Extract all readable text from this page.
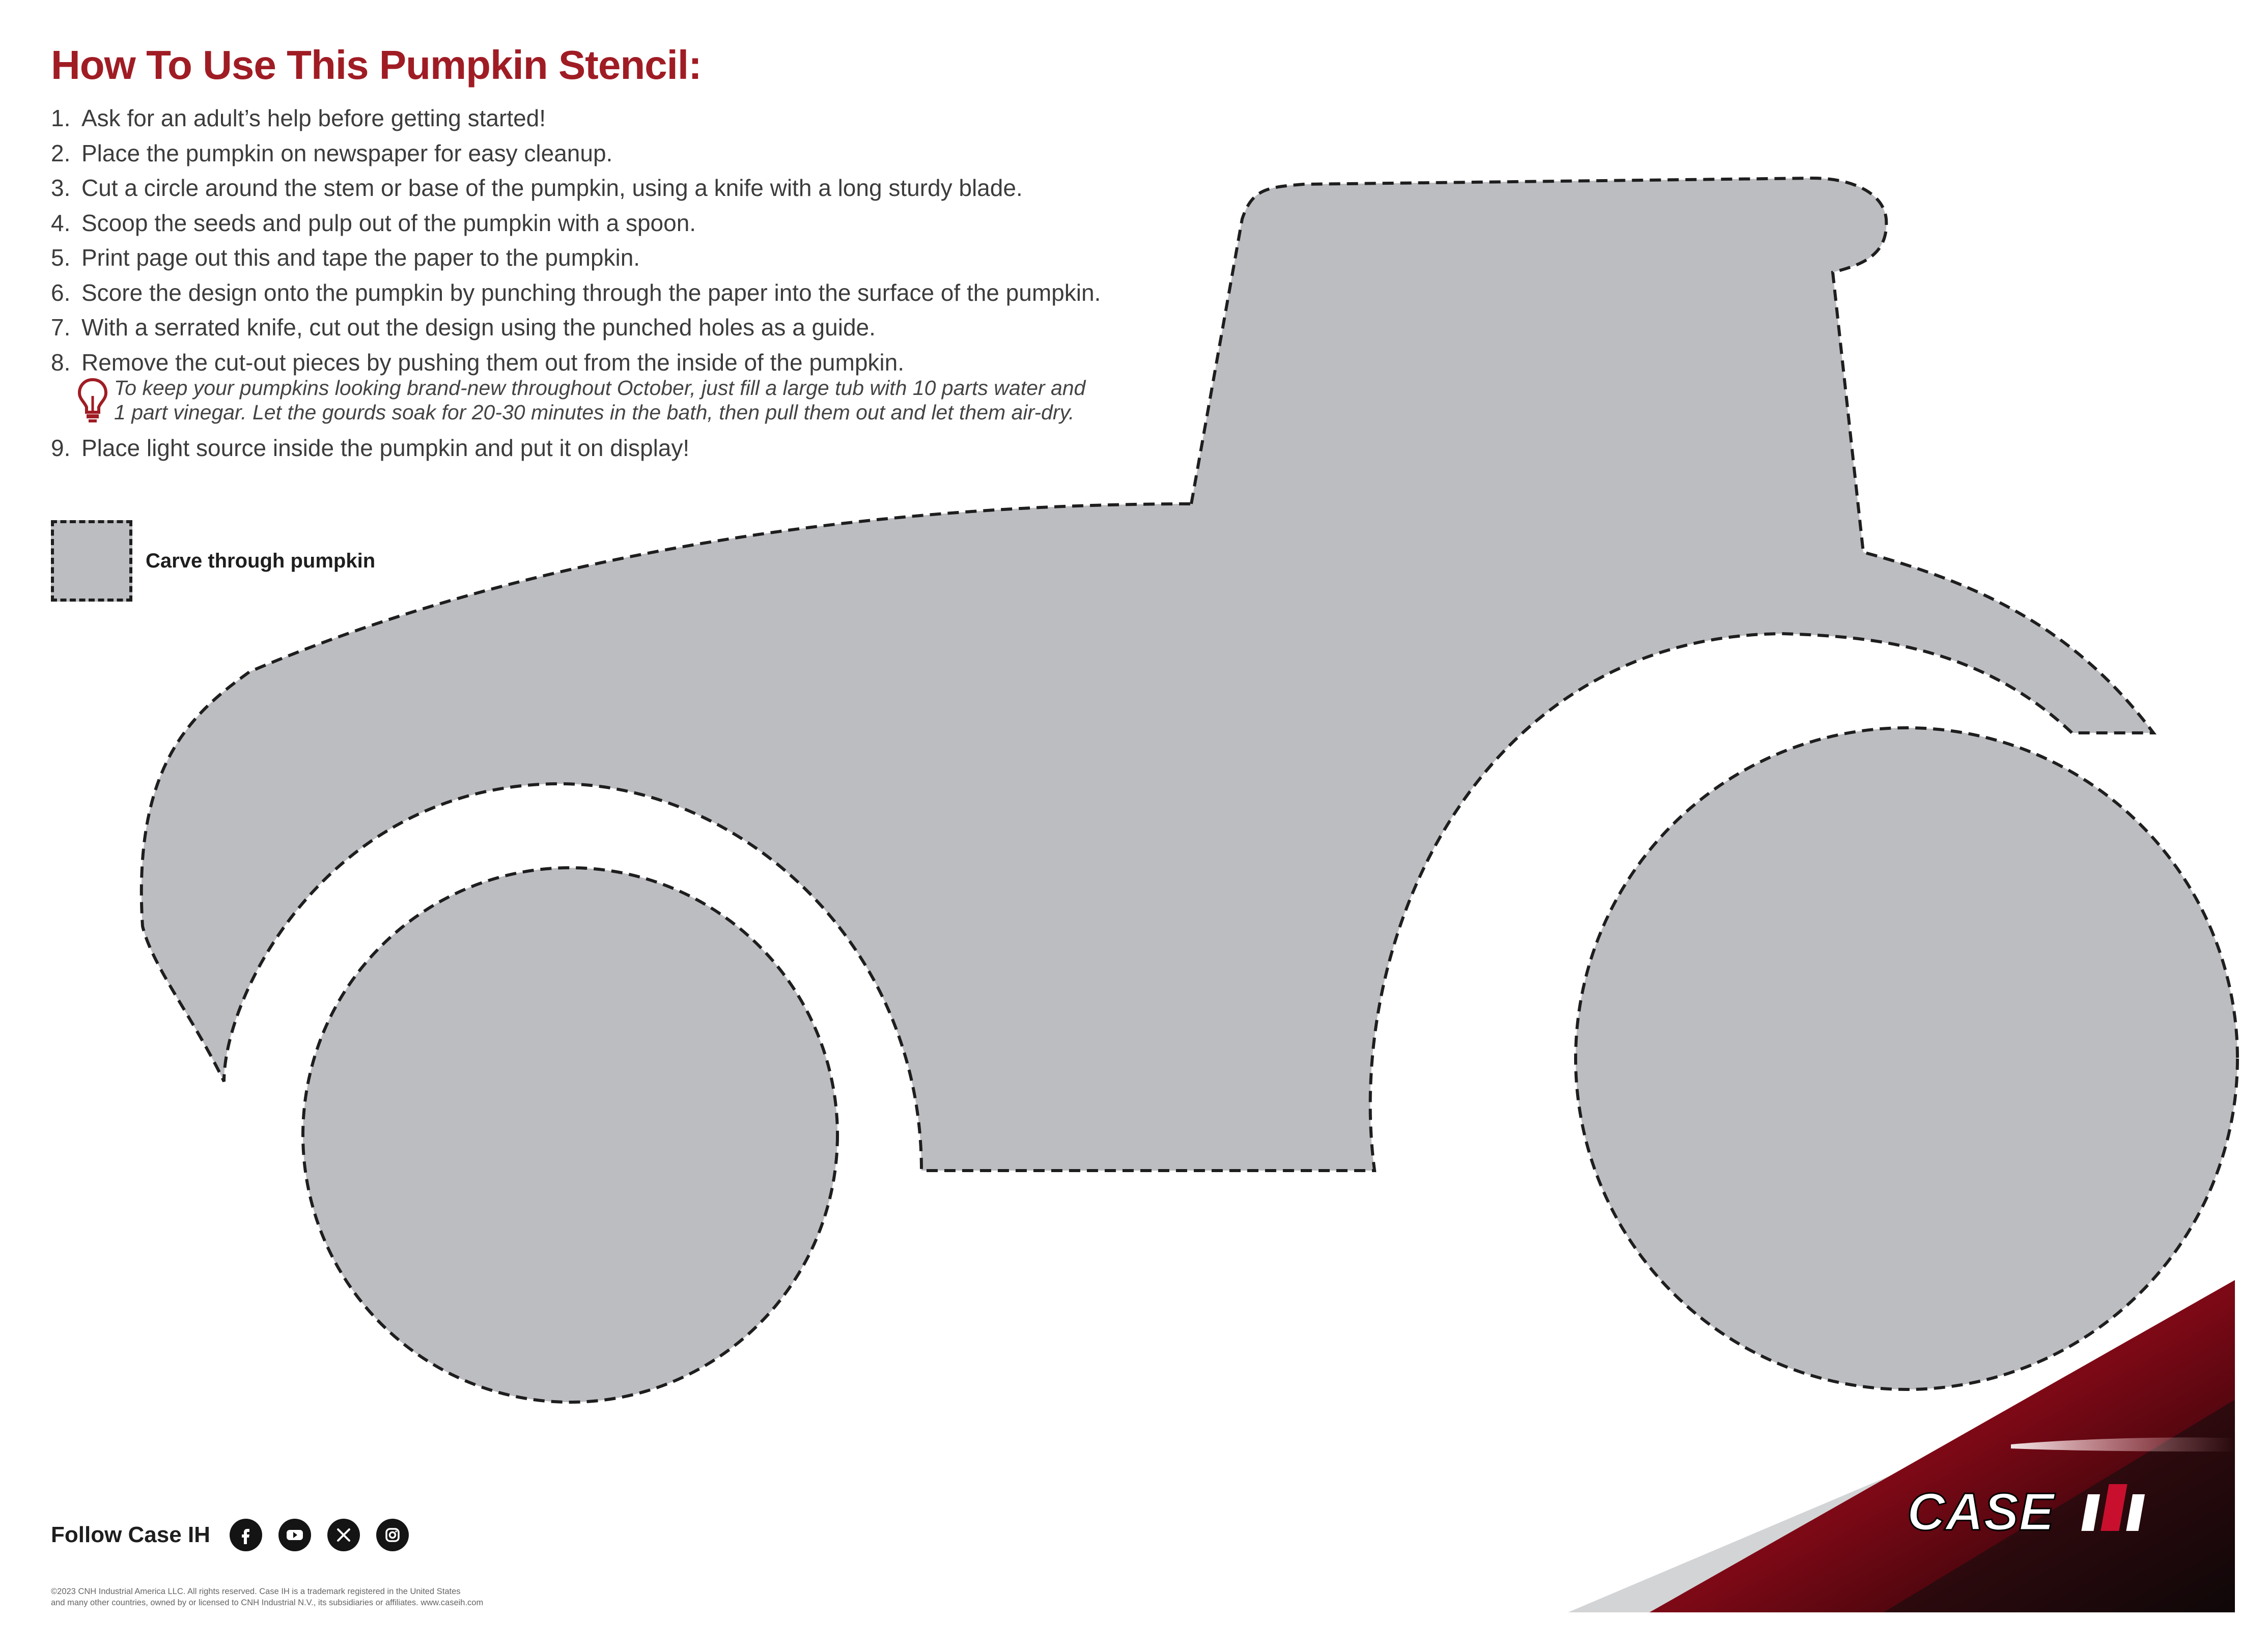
How To Use This Pumpkin Stencil:
1. Ask for an adult’s help before getting started!
2. Place the pumpkin on newspaper for easy cleanup.
3. Cut a circle around the stem or base of the pumpkin, using a knife with a long sturdy blade.
4. Scoop the seeds and pulp out of the pumpkin with a spoon.
5. Print page out this and tape the paper to the pumpkin.
6. Score the design onto the pumpkin by punching through the paper into the surface of the pumpkin.
7. With a serrated knife, cut out the design using the punched holes as a guide.
8. Remove the cut-out pieces by pushing them out from the inside of the pumpkin.
To keep your pumpkins looking brand-new throughout October, just fill a large tub with 10 parts water and
1 part vinegar. Let the gourds soak for 20-30 minutes in the bath, then pull them out and let them air-dry.
9. Place light source inside the pumpkin and put it on display!
Carve through pumpkin
CASE
Follow Case IH
©2023 CNH Industrial America LLC. All rights reserved. Case IH is a trademark registered in the United States
and many other countries, owned by or licensed to CNH Industrial N.V., its subsidiaries or affiliates. www.caseih.com
